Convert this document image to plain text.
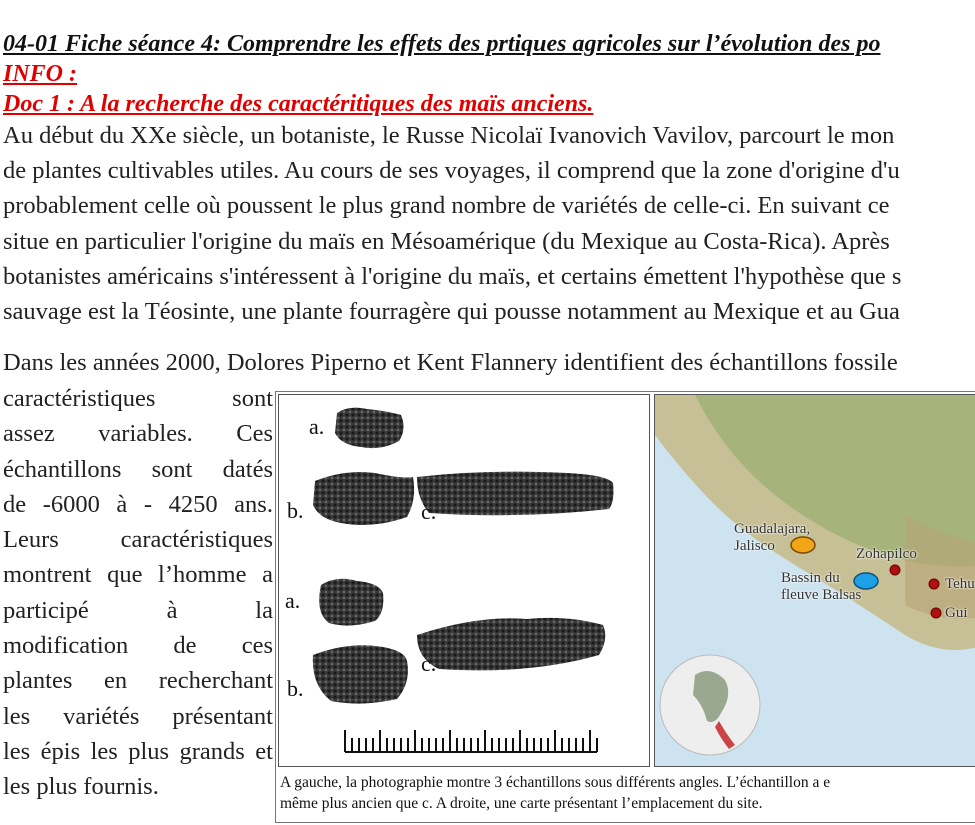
04-01 Fiche séance 4: Comprendre les effets des prtiques agricoles sur l’évolution des po
INFO :
Doc 1 : A la recherche des caractéritiques des maïs anciens.
Au début du XXe siècle, un botaniste, le Russe Nicolaï Ivanovich Vavilov, parcourt le mon
de plantes cultivables utiles. Au cours de ses voyages, il comprend que la zone d'origine d'u
probablement celle où poussent le plus grand nombre de variétés de celle-ci. En suivant ce
situe en particulier l'origine du maïs en Mésoamérique (du Mexique au Costa-Rica). Après
botanistes américains s'intéressent à l'origine du maïs, et certains émettent l'hypothèse que s
sauvage est la Téosinte, une plante fourragère qui pousse notamment au Mexique et au Gua
Dans les années 2000, Dolores Piperno et Kent Flannery identifient des échantillons fossile
caractéristiques	sont
assez variables. Ces
échantillons sont datés
de -6000 à - 4250 ans.
Leurs	caractéristiques
montrent que l’homme a
participé	à	la
modification de ces
plantes en recherchant
les variétés présentant
les épis les plus grands et
les plus fournis.
a.
b.	c.
a.
b.
c.
Guadalajara,
Jalisco	Zohapilco
Bassin du
fleuve Balsas
Tehu
Gui
A gauche, la photographie montre 3 échantillons sous différents angles. L’échantillon a e
même plus ancien que c. A droite, une carte présentant l’emplacement du site.
